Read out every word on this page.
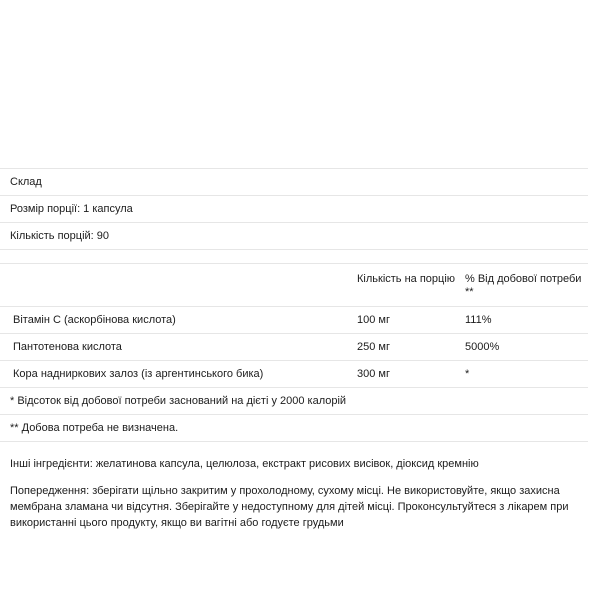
Склад
Розмір порції: 1 капсула
Кількість порцій: 90
	Кількість на порцію	% Від добової потреби **
Вітамін С (аскорбінова кислота)	100 мг	111%
Пантотенова кислота	250 мг	5000%
Кора надниркових залоз (із аргентинського бика)	300 мг	*
* Відсоток від добової потреби заснований на дієті у 2000 калорій		
** Добова потреба не визначена.		

Інші інгредієнти: желатинова капсула, целюлоза, екстракт рисових висівок, діоксид кремнію

Попередження: зберігати щільно закритим у прохолодному, сухому місці. Не використовуйте, якщо захисна мембрана зламана чи відсутня. Зберігайте у недоступному для дітей місці. Проконсультуйтеся з лікарем при використанні цього продукту, якщо ви вагітні або годуєте грудьми
